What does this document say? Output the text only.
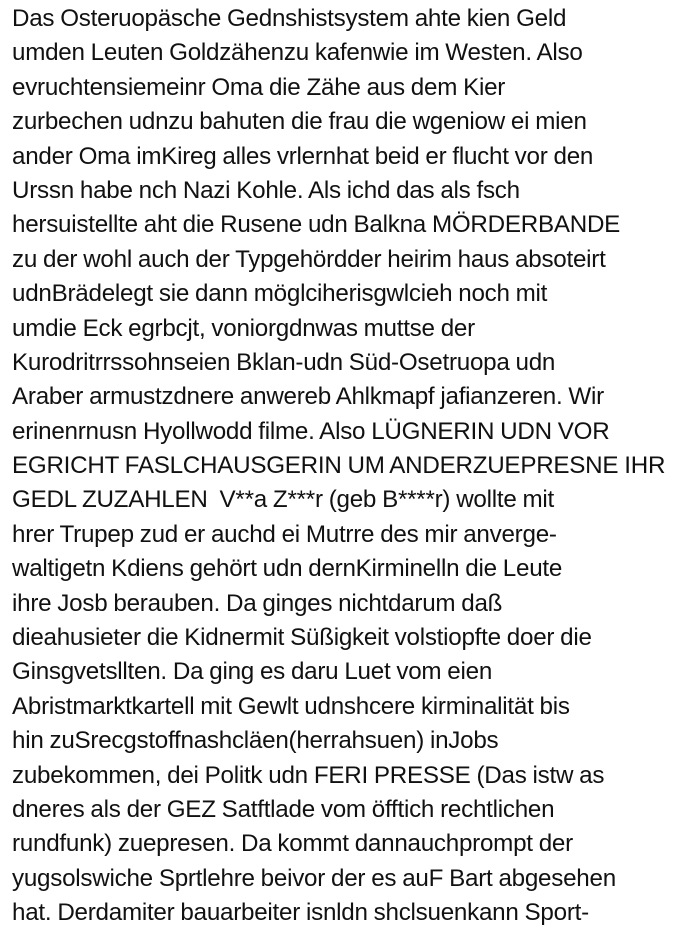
Das Osteruopäsche Gednshistsystem ahte kien Geld
umden Leuten Goldzähenzu kafenwie im Westen. Also
evruchtensiemeinr Oma die Zähe aus dem Kier
zurbechen udnzu bahuten die frau die wgeniow ei mien
ander Oma imKireg alles vrlernhat beid er flucht vor den
Urssn habe nch Nazi Kohle. Als ichd das als fsch
hersuistellte aht die Rusene udn Balkna MÖRDERBANDE
zu der wohl auch der Typgehördder heirim haus absoteirt
udnBrädelegt sie dann möglciherisgwlcieh noch mit
umdie Eck egrbcjt, voniorgdnwas muttse der
Kurodritrrssohnseien Bklan-udn Süd-Osetruopa udn
Araber armustzdnere anwereb Ahlkmapf jafianzeren. Wir
erinenrnusn Hyollwodd filme. Also LÜGNERIN UDN VOR
EGRICHT FASLCHAUSGERIN UM ANDERZUEPRESNE IHR
GEDL ZUZAHLEN  V**a Z***r (geb B****r) wollte mit
hrer Trupep zud er auchd ei Mutrre des mir anverge-
waltigetn Kdiens gehört udn dernKirminelln die Leute
ihre Josb berauben. Da ginges nichtdarum daß
dieahusieter die Kidnermit Süßigkeit volstiopfte doer die
Ginsgvetsllten. Da ging es daru Luet vom eien
Abristmarktkartell mit Gewlt udnshcere kirminalität bis
hin zuSrecgstoffnashcläen(herrahsuen) inJobs
zubekommen, dei Politk udn FERI PRESSE (Das istw as
dneres als der GEZ Satftlade vom öfftich rechtlichen
rundfunk) zuepresen. Da kommt dannauchprompt der
yugsolswiche Sprtlehre beivor der es auF Bart abgesehen
hat. Derdamiter bauarbeiter isnldn shclsuenkann Sport-
